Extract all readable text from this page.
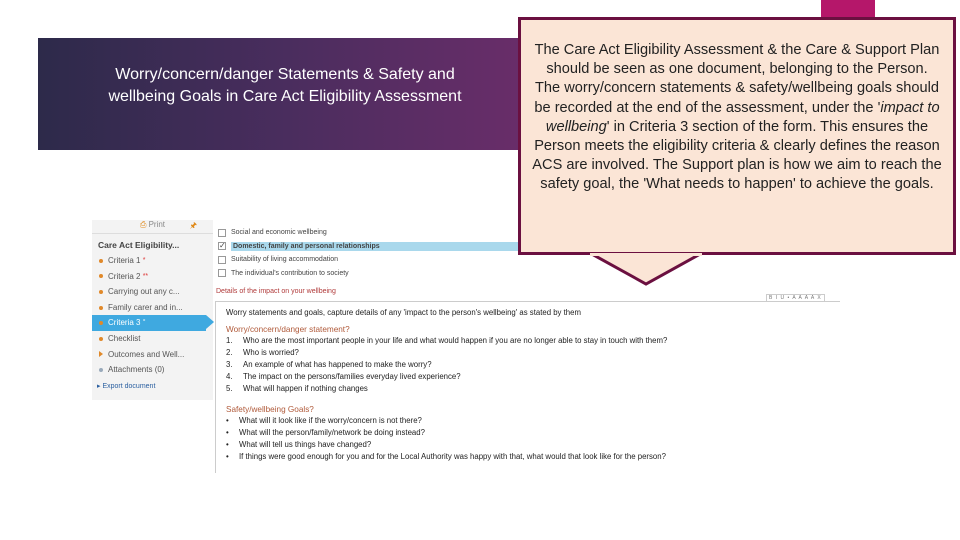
Worry/concern/danger Statements & Safety and wellbeing Goals in Care Act Eligibility Assessment
The Care Act Eligibility Assessment & the Care & Support Plan should be seen as one document, belonging to the Person.
The worry/concern statements & safety/wellbeing goals should be recorded at the end of the assessment, under the 'impact to wellbeing' in Criteria 3 section of the form. This ensures the Person meets the eligibility criteria & clearly defines the reason ACS are involved. The Support plan is how we aim to reach the safety goal, the 'What needs to happen' to achieve the goals.
⎙ Print	🖈
Care Act Eligibility...
Criteria 1 *
Criteria 2 **
Carrying out any c...
Family carer and in...
Criteria 3 °
Checklist
Outcomes and Well...
Attachments (0)
▸ Export document
Social and economic wellbeing
✓ Domestic, family and personal relationships
Suitability of living accommodation
The individual's contribution to society
Details of the impact on your wellbeing
B I U • A A A A X
Worry statements and goals, capture details of any 'impact to the person's wellbeing' as stated by them
Worry/concern/danger statement?
1.	Who are the most important people in your life and what would happen if you are no longer able to stay in touch with them?
2.	Who is worried?
3.	An example of what has happened to make the worry?
4.	The impact on the persons/families everyday lived experience?
5.	What will happen if nothing changes
Safety/wellbeing Goals?
•	What will it look like if the worry/concern is not there?
•	What will the person/family/network be doing instead?
•	What will tell us things have changed?
•	If things were good enough for you and for the Local Authority was happy with that, what would that look like for the person?
